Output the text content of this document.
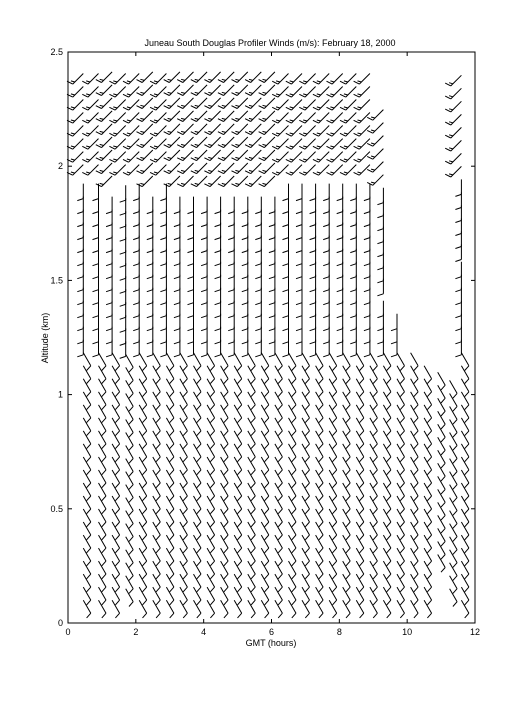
Juneau South Douglas Profiler Winds (m/s): February 18, 2000
0	2	4	6	8	10	12
0
0.5
1
1.5
2
2.5
GMT (hours)
Altitude (km)
